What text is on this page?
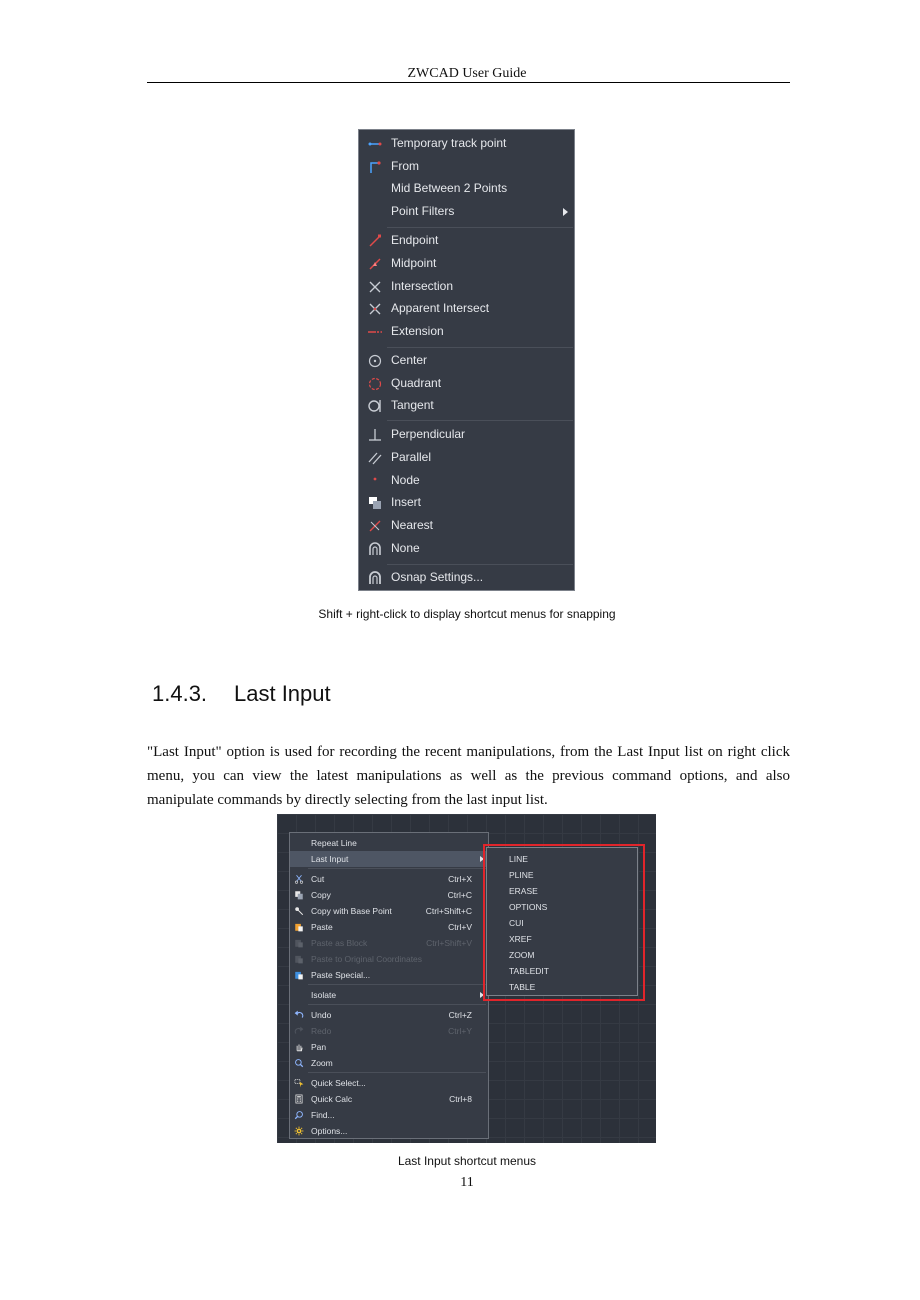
ZWCAD User Guide
Temporary track point
From
Mid Between 2 Points
Point Filters
Endpoint
Midpoint
Intersection
Apparent Intersect
Extension
Center
Quadrant
Tangent
Perpendicular
Parallel
Node
Insert
Nearest
None
Osnap Settings...
Shift + right-click to display shortcut menus for snapping
1.4.3. Last Input
"Last Input" option is used for recording the recent manipulations, from the Last Input list on right click menu, you can view the latest manipulations as well as the previous command options, and also manipulate commands by directly selecting from the last input list.
Repeat Line
Last Input
Cut	Ctrl+X
Copy	Ctrl+C
Copy with Base Point	Ctrl+Shift+C
Paste	Ctrl+V
Paste as Block	Ctrl+Shift+V
Paste to Original Coordinates
Paste Special...
Isolate
Undo	Ctrl+Z
Redo	Ctrl+Y
Pan
Zoom
Quick Select...
Quick Calc	Ctrl+8
Find...
Options...
LINE
PLINE
ERASE
OPTIONS
CUI
XREF
ZOOM
TABLEDIT
TABLE
Last Input shortcut menus
11
